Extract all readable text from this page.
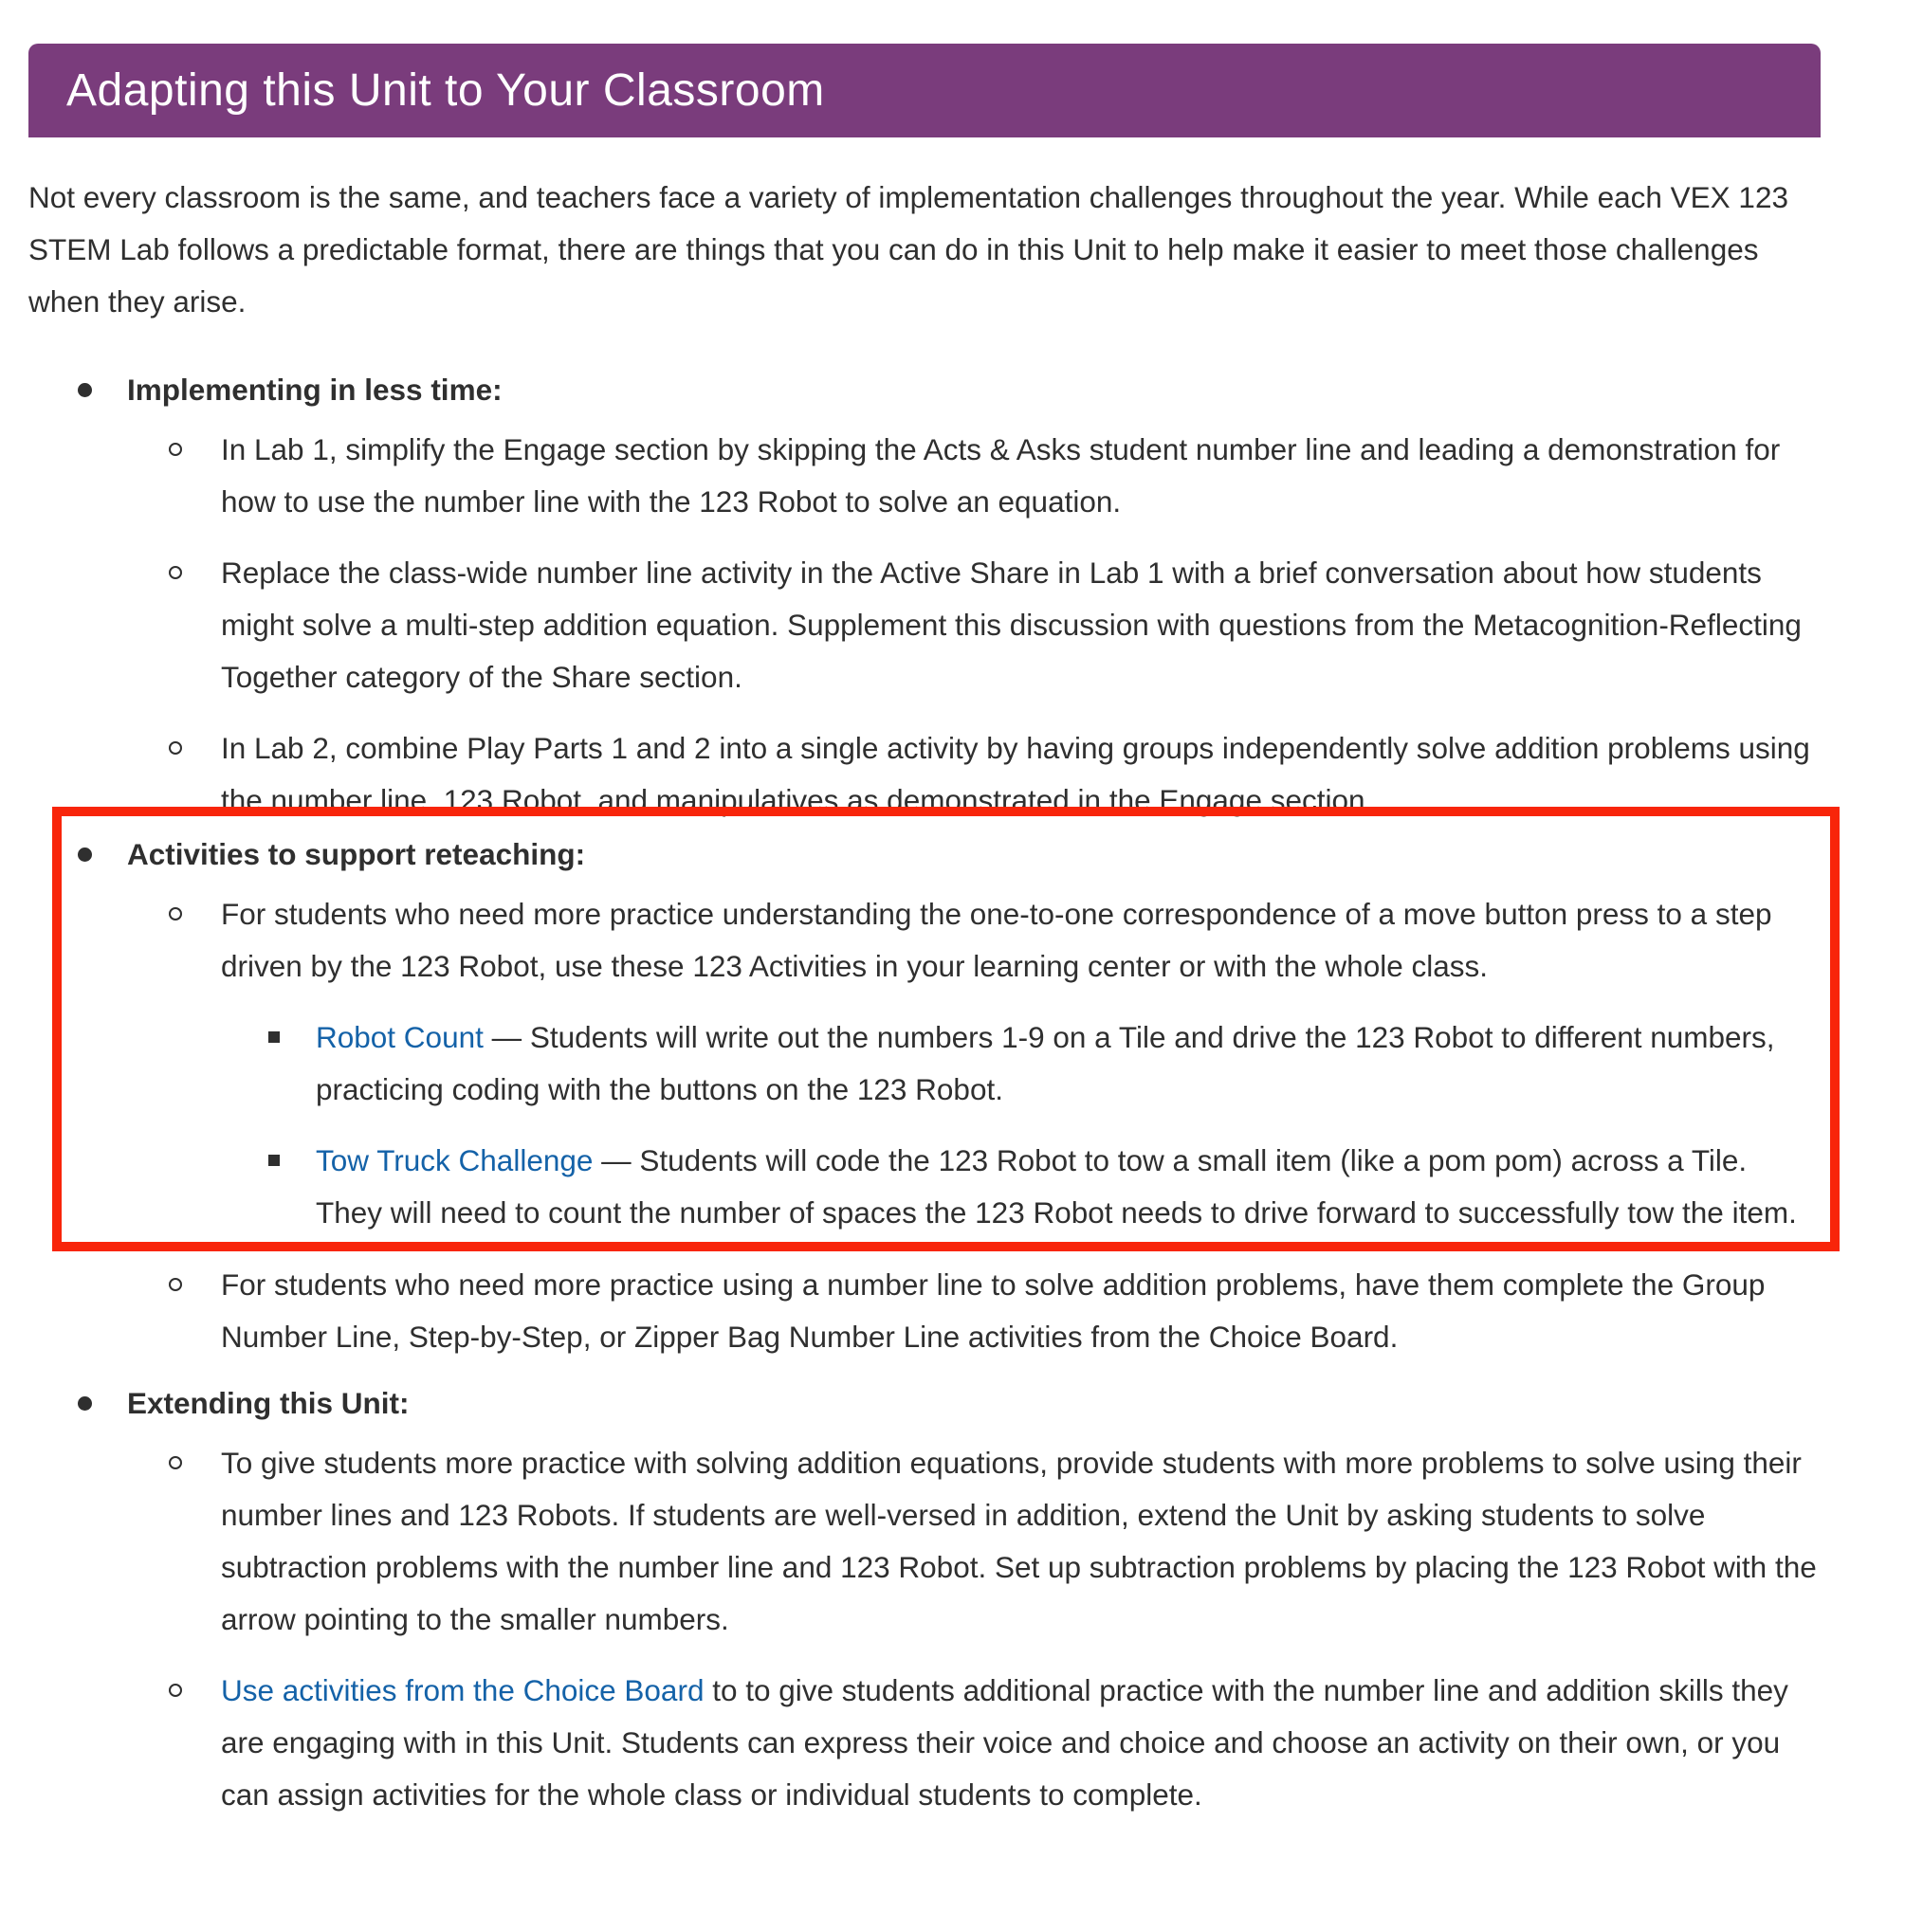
Adapting this Unit to Your Classroom

Not every classroom is the same, and teachers face a variety of implementation challenges throughout the year. While each VEX 123 STEM Lab follows a predictable format, there are things that you can do in this Unit to help make it easier to meet those challenges when they arise.

Implementing in less time:
In Lab 1, simplify the Engage section by skipping the Acts & Asks student number line and leading a demonstration for how to use the number line with the 123 Robot to solve an equation.
Replace the class-wide number line activity in the Active Share in Lab 1 with a brief conversation about how students might solve a multi-step addition equation. Supplement this discussion with questions from the Metacognition-Reflecting Together category of the Share section.
In Lab 2, combine Play Parts 1 and 2 into a single activity by having groups independently solve addition problems using the number line, 123 Robot, and manipulatives as demonstrated in the Engage section.
Activities to support reteaching:
For students who need more practice understanding the one-to-one correspondence of a move button press to a step driven by the 123 Robot, use these 123 Activities in your learning center or with the whole class.
Robot Count — Students will write out the numbers 1-9 on a Tile and drive the 123 Robot to different numbers, practicing coding with the buttons on the 123 Robot.
Tow Truck Challenge — Students will code the 123 Robot to tow a small item (like a pom pom) across a Tile. They will need to count the number of spaces the 123 Robot needs to drive forward to successfully tow the item.
For students who need more practice using a number line to solve addition problems, have them complete the Group Number Line, Step-by-Step, or Zipper Bag Number Line activities from the Choice Board.
Extending this Unit:
To give students more practice with solving addition equations, provide students with more problems to solve using their number lines and 123 Robots. If students are well-versed in addition, extend the Unit by asking students to solve subtraction problems with the number line and 123 Robot. Set up subtraction problems by placing the 123 Robot with the arrow pointing to the smaller numbers.
Use activities from the Choice Board to to give students additional practice with the number line and addition skills they are engaging with in this Unit. Students can express their voice and choice and choose an activity on their own, or you can assign activities for the whole class or individual students to complete.
